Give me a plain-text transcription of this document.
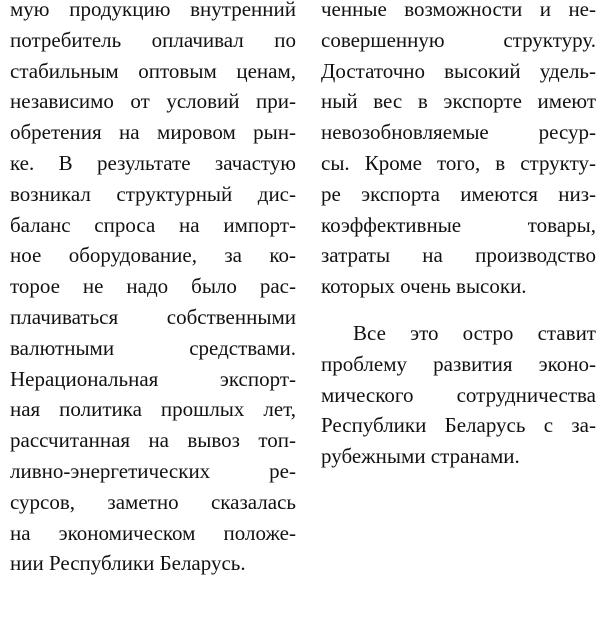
мую продукцию внутренний
потребитель оплачивал по
стабильным оптовым ценам,
независимо от условий при-
обретения на мировом рын-
ке. В результате зачастую
возникал структурный дис-
баланс спроса на импорт-
ное оборудование, за ко-
торое не надо было рас-
плачиваться собственными
валютными средствами.
Нерациональная экспорт-
ная политика прошлых лет,
рассчитанная на вывоз топ-
ливно-энергетических ре-
сурсов, заметно сказалась
на экономическом положе-
нии Республики Беларусь.
ченные возможности и не-
совершенную структуру.
Достаточно высокий удель-
ный вес в экспорте имеют
невозобновляемые ресур-
сы. Кроме того, в структу-
ре экспорта имеются низ-
коэффективные товары,
затраты на производство
которых очень высоки.
Все это остро ставит
проблему развития эконо-
мического сотрудничества
Республики Беларусь с за-
рубежными странами.
